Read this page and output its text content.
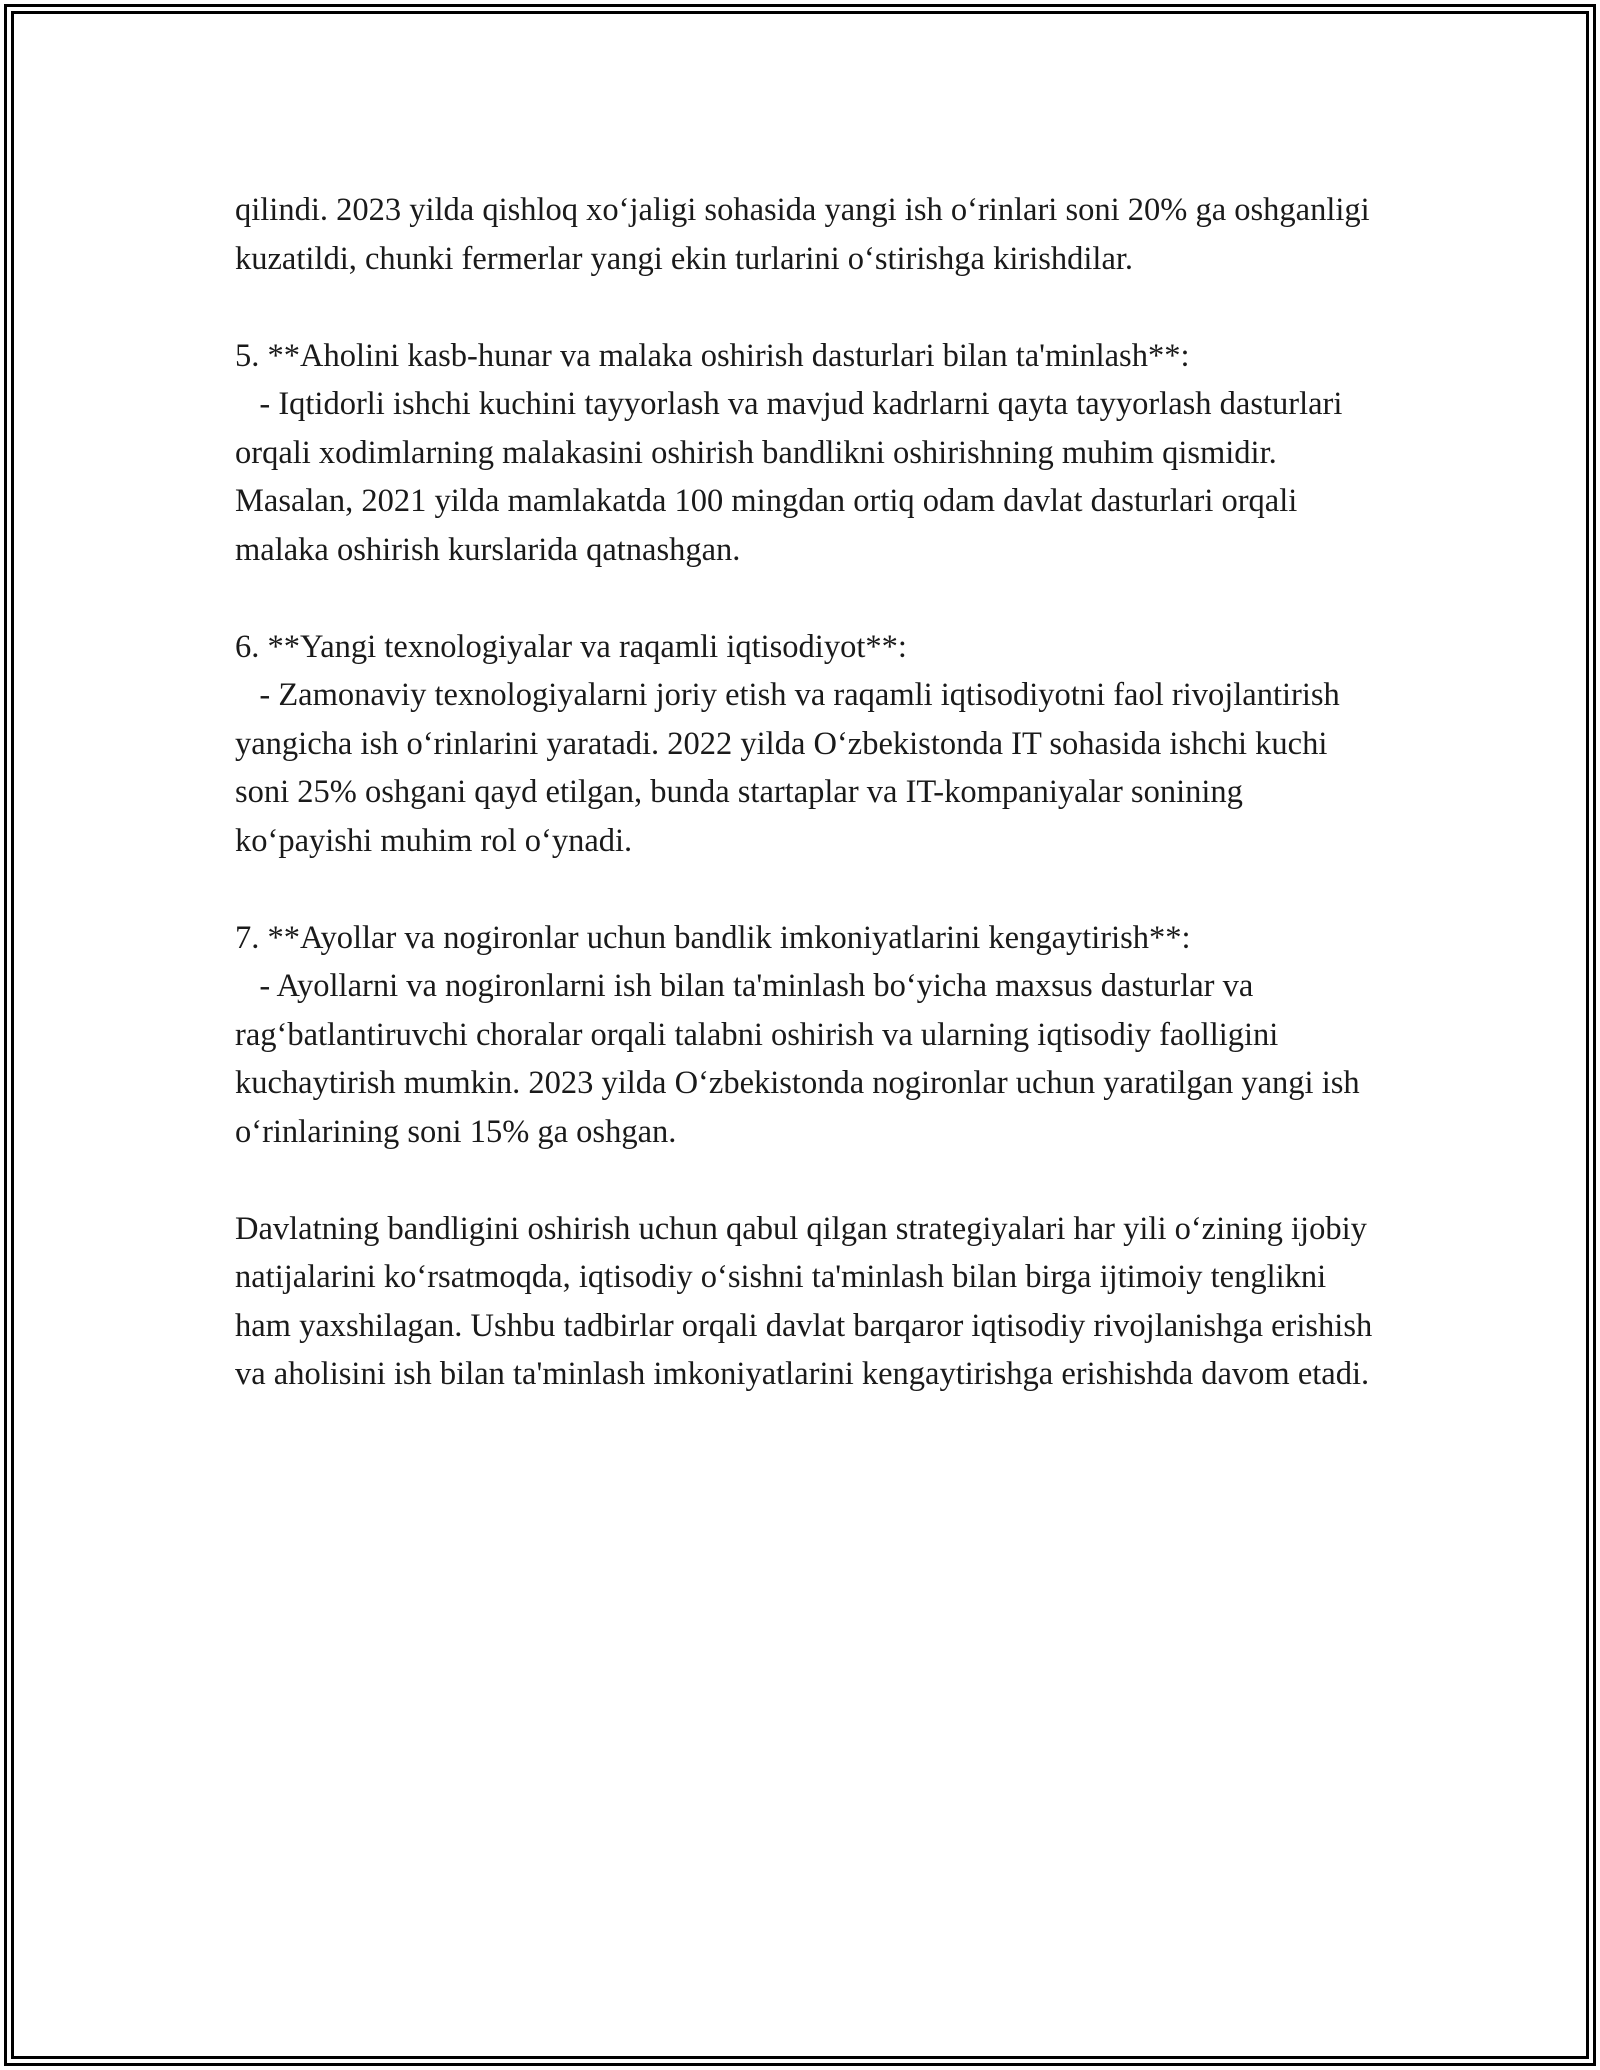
qilindi. 2023 yilda qishloq xo‘jaligi sohasida yangi ish o‘rinlari soni 20% ga oshganligi kuzatildi, chunki fermerlar yangi ekin turlarini o‘stirishga kirishdilar.

5. **Aholini kasb-hunar va malaka oshirish dasturlari bilan ta'minlash**:

- Iqtidorli ishchi kuchini tayyorlash va mavjud kadrlarni qayta tayyorlash dasturlari orqali xodimlarning malakasini oshirish bandlikni oshirishning muhim qismidir. Masalan, 2021 yilda mamlakatda 100 mingdan ortiq odam davlat dasturlari orqali malaka oshirish kurslarida qatnashgan.

6. **Yangi texnologiyalar va raqamli iqtisodiyot**:

- Zamonaviy texnologiyalarni joriy etish va raqamli iqtisodiyotni faol rivojlantirish yangicha ish o‘rinlarini yaratadi. 2022 yilda O‘zbekistonda IT sohasida ishchi kuchi soni 25% oshgani qayd etilgan, bunda startaplar va IT-kompaniyalar sonining ko‘payishi muhim rol o‘ynadi.

7. **Ayollar va nogironlar uchun bandlik imkoniyatlarini kengaytirish**:

- Ayollarni va nogironlarni ish bilan ta'minlash bo‘yicha maxsus dasturlar va rag‘batlantiruvchi choralar orqali talabni oshirish va ularning iqtisodiy faolligini kuchaytirish mumkin. 2023 yilda O‘zbekistonda nogironlar uchun yaratilgan yangi ish o‘rinlarining soni 15% ga oshgan.

Davlatning bandligini oshirish uchun qabul qilgan strategiyalari har yili o‘zining ijobiy natijalarini ko‘rsatmoqda, iqtisodiy o‘sishni ta'minlash bilan birga ijtimoiy tenglikni ham yaxshilagan. Ushbu tadbirlar orqali davlat barqaror iqtisodiy rivojlanishga erishish va aholisini ish bilan ta'minlash imkoniyatlarini kengaytirishga erishishda davom etadi.
